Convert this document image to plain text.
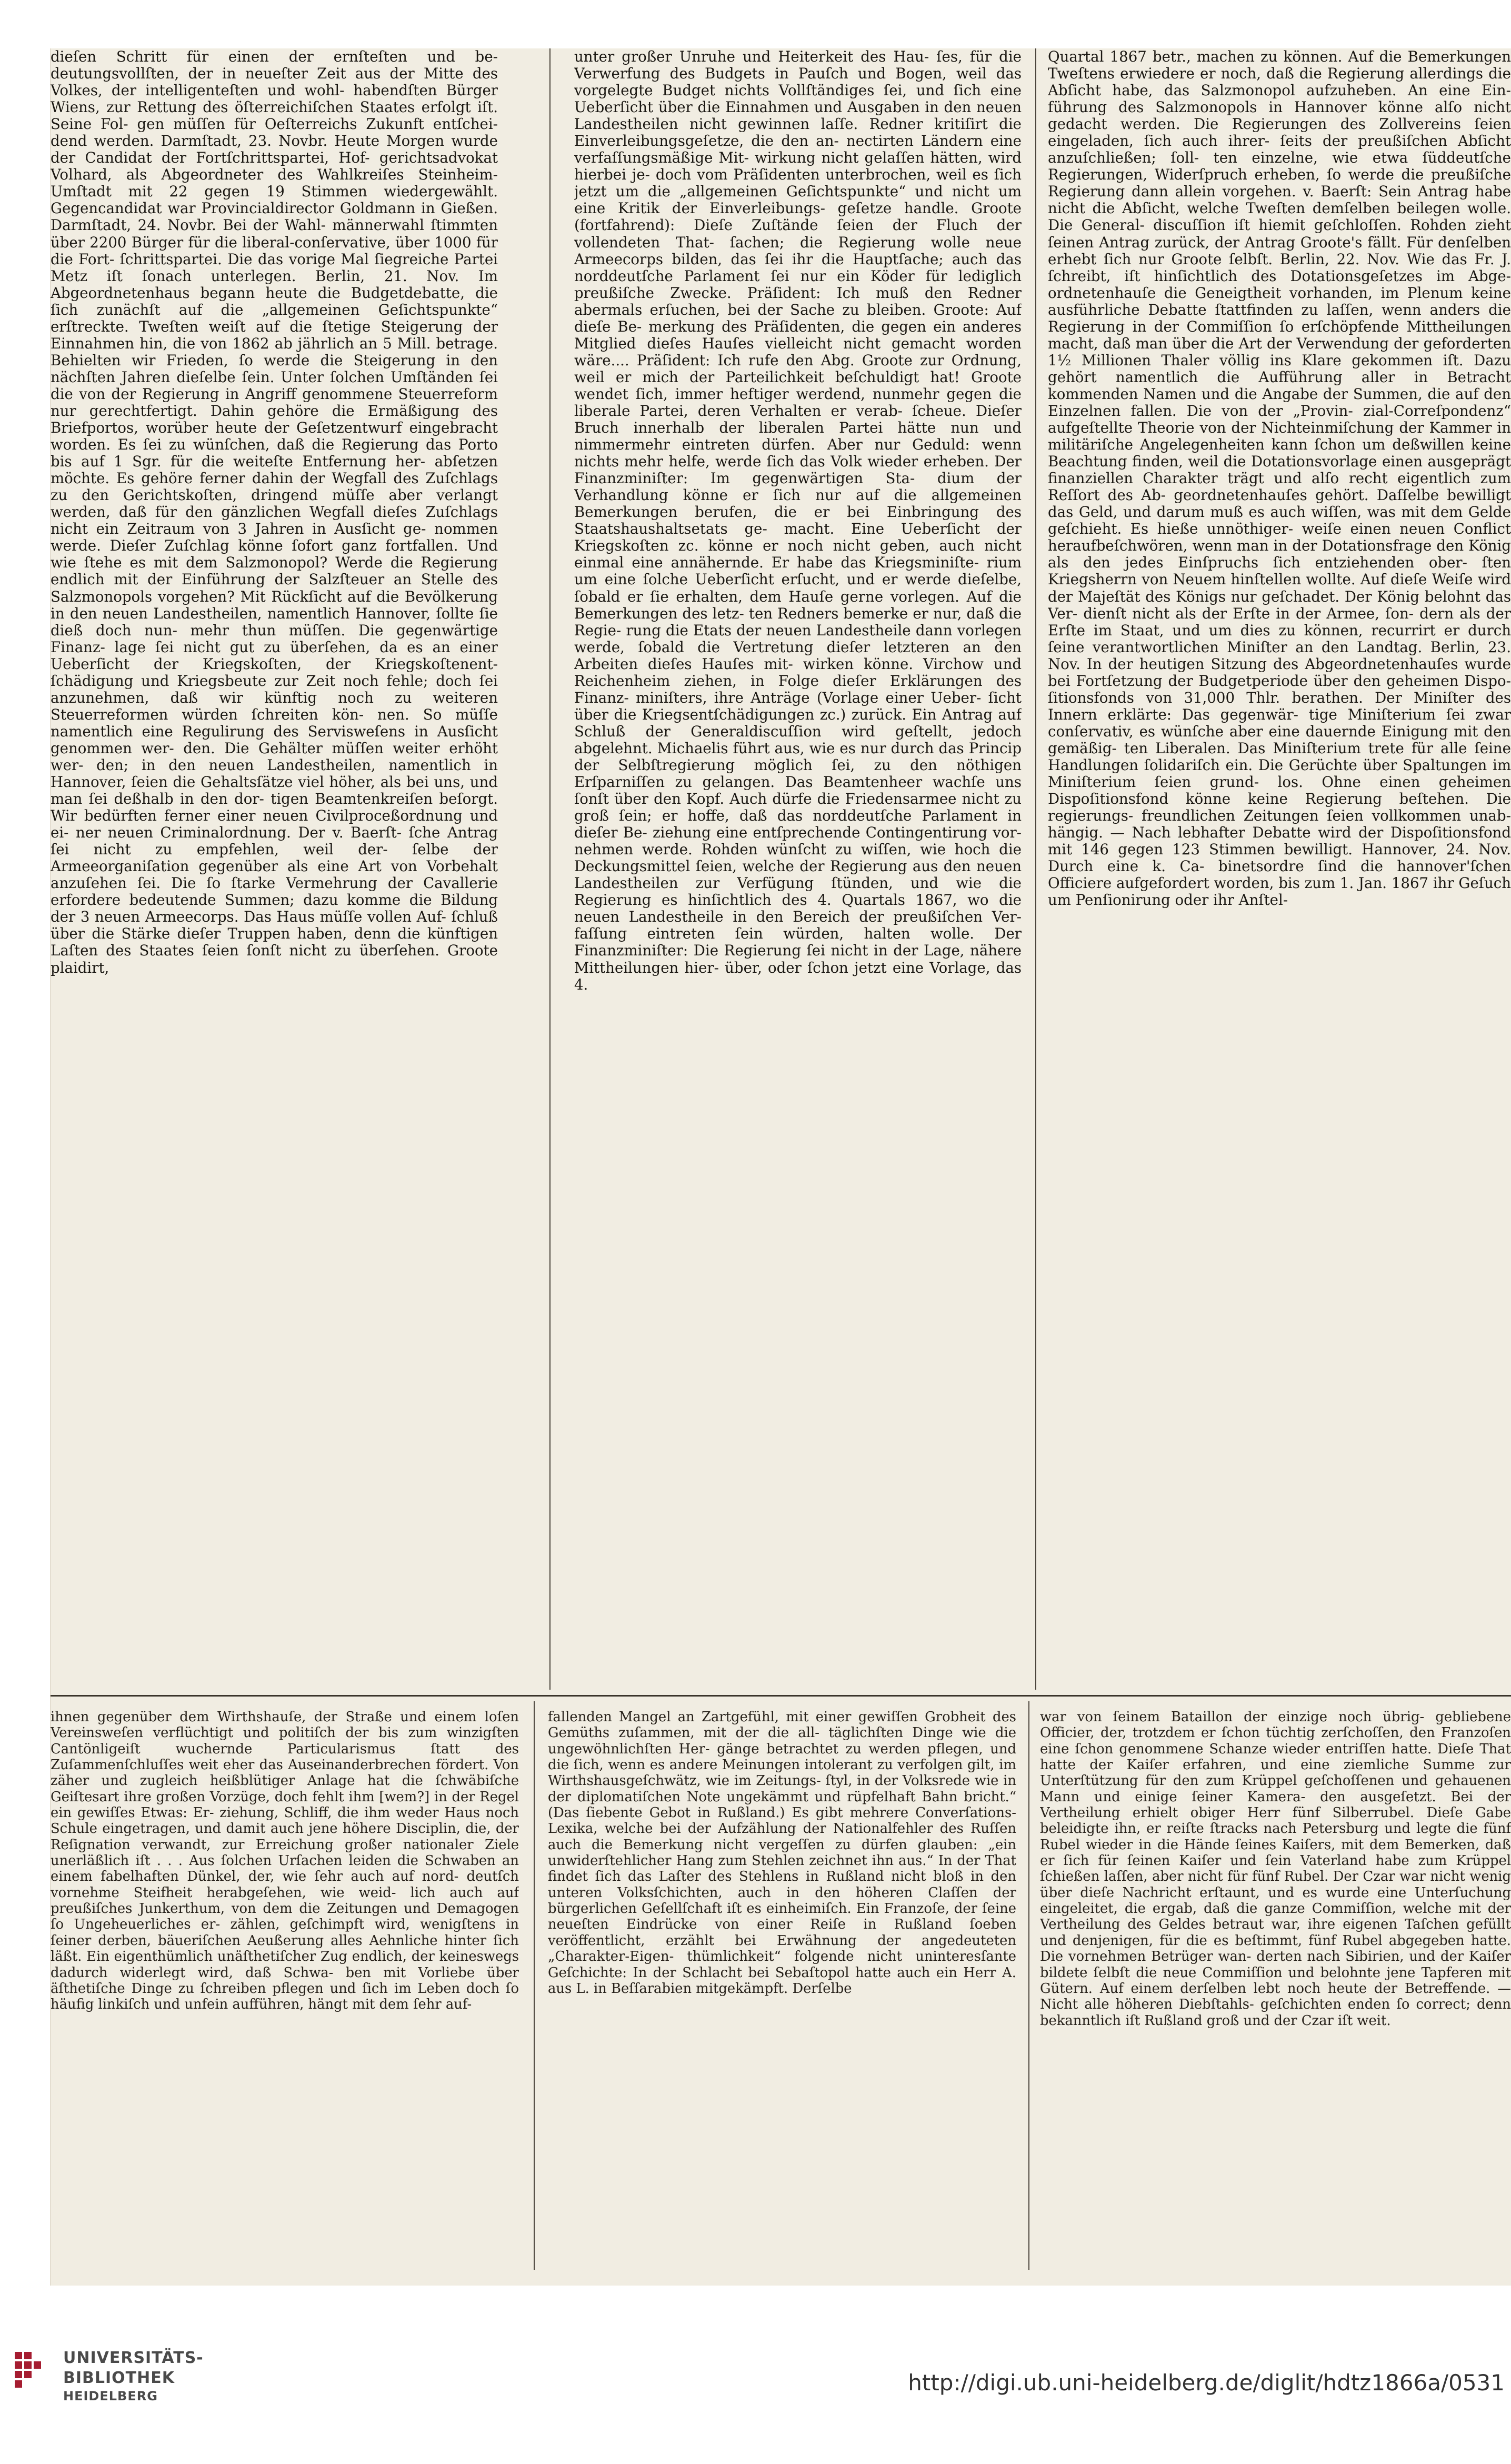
dieſen Schritt für einen der ernſteſten und be- deutungsvollſten, der in neueſter Zeit aus der Mitte des Volkes, der intelligenteſten und wohl- habendſten Bürger Wiens, zur Rettung des öſterreichiſchen Staates erfolgt iſt. Seine Fol- gen müſſen für Oeſterreichs Zukunft entſchei- dend werden. Darmſtadt, 23. Novbr. Heute Morgen wurde der Candidat der Fortſchrittspartei, Hof- gerichtsadvokat Volhard, als Abgeordneter des Wahlkreiſes Steinheim-Umſtadt mit 22 gegen 19 Stimmen wiedergewählt. Gegencandidat war Provincialdirector Goldmann in Gießen. Darmſtadt, 24. Novbr. Bei der Wahl- männerwahl ſtimmten über 2200 Bürger für die liberal-conſervative, über 1000 für die Fort- ſchrittspartei. Die das vorige Mal ſiegreiche Partei Metz iſt ſonach unterlegen. Berlin, 21. Nov. Im Abgeordnetenhaus begann heute die Budgetdebatte, die ſich zunächſt auf die „allgemeinen Geſichtspunkte“ erſtreckte. Tweſten weiſt auf die ſtetige Steigerung der Einnahmen hin, die von 1862 ab jährlich an 5 Mill. betrage. Behielten wir Frieden, ſo werde die Steigerung in den nächſten Jahren dieſelbe ſein. Unter ſolchen Umſtänden ſei die von der Regierung in Angriff genommene Steuerreform nur gerechtfertigt. Dahin gehöre die Ermäßigung des Briefportos, worüber heute der Geſetzentwurf eingebracht worden. Es ſei zu wünſchen, daß die Regierung das Porto bis auf 1 Sgr. für die weiteſte Entfernung her- abſetzen möchte. Es gehöre ferner dahin der Wegfall des Zuſchlags zu den Gerichtskoſten, dringend müſſe aber verlangt werden, daß für den gänzlichen Wegfall dieſes Zuſchlags nicht ein Zeitraum von 3 Jahren in Ausſicht ge- nommen werde. Dieſer Zuſchlag könne ſofort ganz fortfallen. Und wie ſtehe es mit dem Salzmonopol? Werde die Regierung endlich mit der Einführung der Salzſteuer an Stelle des Salzmonopols vorgehen? Mit Rückſicht auf die Bevölkerung in den neuen Landestheilen, namentlich Hannover, ſollte ſie dieß doch nun- mehr thun müſſen. Die gegenwärtige Finanz- lage ſei nicht gut zu überſehen, da es an einer Ueberſicht der Kriegskoſten, der Kriegskoſtenent- ſchädigung und Kriegsbeute zur Zeit noch fehle; doch ſei anzunehmen, daß wir künftig noch zu weiteren Steuerreformen würden ſchreiten kön- nen. So müſſe namentlich eine Regulirung des Servisweſens in Ausſicht genommen wer- den. Die Gehälter müſſen weiter erhöht wer- den; in den neuen Landestheilen, namentlich in Hannover, ſeien die Gehaltsſätze viel höher, als bei uns, und man ſei deßhalb in den dor- tigen Beamtenkreiſen beſorgt. Wir bedürften ferner einer neuen Civilproceßordnung und ei- ner neuen Criminalordnung. Der v. Baerſt- ſche Antrag ſei nicht zu empfehlen, weil der- ſelbe der Armeeorganiſation gegenüber als eine Art von Vorbehalt anzuſehen ſei. Die ſo ſtarke Vermehrung der Cavallerie erfordere bedeutende Summen; dazu komme die Bildung der 3 neuen Armeecorps. Das Haus müſſe vollen Auf- ſchluß über die Stärke dieſer Truppen haben, denn die künftigen Laſten des Staates ſeien ſonſt nicht zu überſehen. Groote plaidirt,

unter großer Unruhe und Heiterkeit des Hau- ſes, für die Verwerfung des Budgets in Pauſch und Bogen, weil das vorgelegte Budget nichts Vollſtändiges ſei, und ſich eine Ueberſicht über die Einnahmen und Ausgaben in den neuen Landestheilen nicht gewinnen laſſe. Redner kritiſirt die Einverleibungsgeſetze, die den an- nectirten Ländern eine verfaſſungsmäßige Mit- wirkung nicht gelaſſen hätten, wird hierbei je- doch vom Präſidenten unterbrochen, weil es ſich jetzt um die „allgemeinen Geſichtspunkte“ und nicht um eine Kritik der Einverleibungs- geſetze handle. Groote (fortfahrend): Dieſe Zuſtände ſeien der Fluch der vollendeten That- ſachen; die Regierung wolle neue Armeecorps bilden, das ſei ihr die Hauptſache; auch das norddeutſche Parlament ſei nur ein Köder für lediglich preußiſche Zwecke. Präſident: Ich muß den Redner abermals erſuchen, bei der Sache zu bleiben. Groote: Auf dieſe Be- merkung des Präſidenten, die gegen ein anderes Mitglied dieſes Hauſes vielleicht nicht gemacht worden wäre.... Präſident: Ich rufe den Abg. Groote zur Ordnung, weil er mich der Parteilichkeit beſchuldigt hat! Groote wendet ſich, immer heftiger werdend, nunmehr gegen die liberale Partei, deren Verhalten er verab- ſcheue. Dieſer Bruch innerhalb der liberalen Partei hätte nun und nimmermehr eintreten dürfen. Aber nur Geduld: wenn nichts mehr helfe, werde ſich das Volk wieder erheben. Der Finanzminiſter: Im gegenwärtigen Sta- dium der Verhandlung könne er ſich nur auf die allgemeinen Bemerkungen berufen, die er bei Einbringung des Staatshaushaltsetats ge- macht. Eine Ueberſicht der Kriegskoſten zc. könne er noch nicht geben, auch nicht einmal eine annähernde. Er habe das Kriegsminiſte- rium um eine ſolche Ueberſicht erſucht, und er werde dieſelbe, ſobald er ſie erhalten, dem Hauſe gerne vorlegen. Auf die Bemerkungen des letz- ten Redners bemerke er nur, daß die Regie- rung die Etats der neuen Landestheile dann vorlegen werde, ſobald die Vertretung dieſer letzteren an den Arbeiten dieſes Hauſes mit- wirken könne. Virchow und Reichenheim ziehen, in Folge dieſer Erklärungen des Finanz- miniſters, ihre Anträge (Vorlage einer Ueber- ſicht über die Kriegsentſchädigungen zc.) zurück. Ein Antrag auf Schluß der Generaldiscuſſion wird geſtellt, jedoch abgelehnt. Michaelis führt aus, wie es nur durch das Princip der Selbſtregierung möglich ſei, zu den nöthigen Erſparniſſen zu gelangen. Das Beamtenheer wachſe uns ſonſt über den Kopf. Auch dürfe die Friedensarmee nicht zu groß ſein; er hoffe, daß das norddeutſche Parlament in dieſer Be- ziehung eine entſprechende Contingentirung vor- nehmen werde. Rohden wünſcht zu wiſſen, wie hoch die Deckungsmittel ſeien, welche der Regierung aus den neuen Landestheilen zur Verfügung ſtünden, und wie die Regierung es hinſichtlich des 4. Quartals 1867, wo die neuen Landestheile in den Bereich der preußiſchen Ver- faſſung eintreten ſein würden, halten wolle. Der Finanzminiſter: Die Regierung ſei nicht in der Lage, nähere Mittheilungen hier- über, oder ſchon jetzt eine Vorlage, das 4.

Quartal 1867 betr., machen zu können. Auf die Bemerkungen Tweſtens erwiedere er noch, daß die Regierung allerdings die Abſicht habe, das Salzmonopol aufzuheben. An eine Ein- führung des Salzmonopols in Hannover könne alſo nicht gedacht werden. Die Regierungen des Zollvereins ſeien eingeladen, ſich auch ihrer- ſeits der preußiſchen Abſicht anzuſchließen; ſoll- ten einzelne, wie etwa ſüddeutſche Regierungen, Widerſpruch erheben, ſo werde die preußiſche Regierung dann allein vorgehen. v. Baerſt: Sein Antrag habe nicht die Abſicht, welche Tweſten demſelben beilegen wolle. Die General- discuſſion iſt hiemit geſchloſſen. Rohden zieht ſeinen Antrag zurück, der Antrag Groote's fällt. Für denſelben erhebt ſich nur Groote ſelbſt. Berlin, 22. Nov. Wie das Fr. J. ſchreibt, iſt hinſichtlich des Dotationsgeſetzes im Abge- ordnetenhauſe die Geneigtheit vorhanden, im Plenum keine ausführliche Debatte ſtattfinden zu laſſen, wenn anders die Regierung in der Commiſſion ſo erſchöpfende Mittheilungen macht, daß man über die Art der Verwendung der geforderten 1½ Millionen Thaler völlig ins Klare gekommen iſt. Dazu gehört namentlich die Aufführung aller in Betracht kommenden Namen und die Angabe der Summen, die auf den Einzelnen fallen. Die von der „Provin- zial-Correſpondenz“ aufgeſtellte Theorie von der Nichteinmiſchung der Kammer in militäriſche Angelegenheiten kann ſchon um deßwillen keine Beachtung finden, weil die Dotationsvorlage einen ausgeprägt finanziellen Charakter trägt und alſo recht eigentlich zum Reſſort des Ab- geordnetenhauſes gehört. Daſſelbe bewilligt das Geld, und darum muß es auch wiſſen, was mit dem Gelde geſchieht. Es hieße unnöthiger- weiſe einen neuen Conflict heraufbeſchwören, wenn man in der Dotationsfrage den König als den jedes Einſpruchs ſich entziehenden ober- ſten Kriegsherrn von Neuem hinſtellen wollte. Auf dieſe Weiſe wird der Majeſtät des Königs nur geſchadet. Der König belohnt das Ver- dienſt nicht als der Erſte in der Armee, ſon- dern als der Erſte im Staat, und um dies zu können, recurrirt er durch ſeine verantwortlichen Miniſter an den Landtag. Berlin, 23. Nov. In der heutigen Sitzung des Abgeordnetenhauſes wurde bei Fortſetzung der Budgetperiode über den geheimen Dispo- ſitionsfonds von 31,000 Thlr. berathen. Der Miniſter des Innern erklärte: Das gegenwär- tige Miniſterium ſei zwar conſervativ, es wünſche aber eine dauernde Einigung mit den gemäßig- ten Liberalen. Das Miniſterium trete für alle ſeine Handlungen ſolidariſch ein. Die Gerüchte über Spaltungen im Miniſterium ſeien grund- los. Ohne einen geheimen Dispoſitionsfond könne keine Regierung beſtehen. Die regierungs- freundlichen Zeitungen ſeien vollkommen unab- hängig. — Nach lebhafter Debatte wird der Dispoſitionsfond mit 146 gegen 123 Stimmen bewilligt. Hannover, 24. Nov. Durch eine k. Ca- binetsordre ſind die hannover'ſchen Officiere aufgefordert worden, bis zum 1. Jan. 1867 ihr Geſuch um Penſionirung oder ihr Anſtel-

ihnen gegenüber dem Wirthshauſe, der Straße und einem loſen Vereinsweſen verflüchtigt und politiſch der bis zum winzigſten Cantönligeiſt wuchernde Particularismus ſtatt des Zuſammenſchluſſes weit eher das Auseinanderbrechen fördert. Von zäher und zugleich heißblütiger Anlage hat die ſchwäbiſche Geiſtesart ihre großen Vorzüge, doch fehlt ihm [wem?] in der Regel ein gewiſſes Etwas: Er- ziehung, Schliff, die ihm weder Haus noch Schule eingetragen, und damit auch jene höhere Disciplin, die, der Reſignation verwandt, zur Erreichung großer nationaler Ziele unerläßlich iſt . . . Aus ſolchen Urſachen leiden die Schwaben an einem fabelhaften Dünkel, der, wie ſehr auch auf nord- deutſch vornehme Steifheit herabgeſehen, wie weid- lich auch auf preußiſches Junkerthum, von dem die Zeitungen und Demagogen ſo Ungeheuerliches er- zählen, geſchimpft wird, wenigſtens in ſeiner derben, bäueriſchen Aeußerung alles Aehnliche hinter ſich läßt. Ein eigenthümlich unäſthetiſcher Zug endlich, der keineswegs dadurch widerlegt wird, daß Schwa- ben mit Vorliebe über äſthetiſche Dinge zu ſchreiben pflegen und ſich im Leben doch ſo häufig linkiſch und unfein aufführen, hängt mit dem ſehr auf-

fallenden Mangel an Zartgefühl, mit einer gewiſſen Grobheit des Gemüths zuſammen, mit der die all- täglichſten Dinge wie die ungewöhnlichſten Her- gänge betrachtet zu werden pflegen, und die ſich, wenn es andere Meinungen intolerant zu verfolgen gilt, im Wirthshausgeſchwätz, wie im Zeitungs- ſtyl, in der Volksrede wie in der diplomatiſchen Note ungekämmt und rüpfelhaft Bahn bricht.“ (Das ſiebente Gebot in Rußland.) Es gibt mehrere Converſations-Lexika, welche bei der Aufzählung der Nationalfehler des Ruſſen auch die Bemerkung nicht vergeſſen zu dürfen glauben: „ein unwiderſtehlicher Hang zum Stehlen zeichnet ihn aus.“ In der That findet ſich das Laſter des Stehlens in Rußland nicht bloß in den unteren Volksſchichten, auch in den höheren Claſſen der bürgerlichen Geſellſchaft iſt es einheimiſch. Ein Franzoſe, der ſeine neueſten Eindrücke von einer Reiſe in Rußland ſoeben veröffentlicht, erzählt bei Erwähnung der angedeuteten „Charakter-Eigen- thümlichkeit“ folgende nicht uninteresſante Geſchichte: In der Schlacht bei Sebaſtopol hatte auch ein Herr A. aus L. in Beſſarabien mitgekämpft. Derſelbe

war von ſeinem Bataillon der einzige noch übrig- gebliebene Officier, der, trotzdem er ſchon tüchtig zerſchoſſen, den Franzoſen eine ſchon genommene Schanze wieder entriſſen hatte. Dieſe That hatte der Kaiſer erfahren, und eine ziemliche Summe zur Unterſtützung für den zum Krüppel geſchoſſenen und gehauenen Mann und einige ſeiner Kamera- den ausgeſetzt. Bei der Vertheilung erhielt obiger Herr fünf Silberrubel. Dieſe Gabe beleidigte ihn, er reiſte ſtracks nach Petersburg und legte die fünf Rubel wieder in die Hände ſeines Kaiſers, mit dem Bemerken, daß er ſich für ſeinen Kaiſer und ſein Vaterland habe zum Krüppel ſchießen laſſen, aber nicht für fünf Rubel. Der Czar war nicht wenig über dieſe Nachricht erſtaunt, und es wurde eine Unterſuchung eingeleitet, die ergab, daß die ganze Commiſſion, welche mit der Vertheilung des Geldes betraut war, ihre eigenen Taſchen gefüllt und denjenigen, für die es beſtimmt, fünf Rubel abgegeben hatte. Die vornehmen Betrüger wan- derten nach Sibirien, und der Kaiſer bildete ſelbſt die neue Commiſſion und belohnte jene Tapferen mit Gütern. Auf einem derſelben lebt noch heute der Betreffende. — Nicht alle höheren Diebſtahls- geſchichten enden ſo correct; denn bekanntlich iſt Rußland groß und der Czar iſt weit.

UNIVERSITÄTS-
BIBLIOTHEK
HEIDELBERG
http://digi.ub.uni-heidelberg.de/diglit/hdtz1866a/0531
